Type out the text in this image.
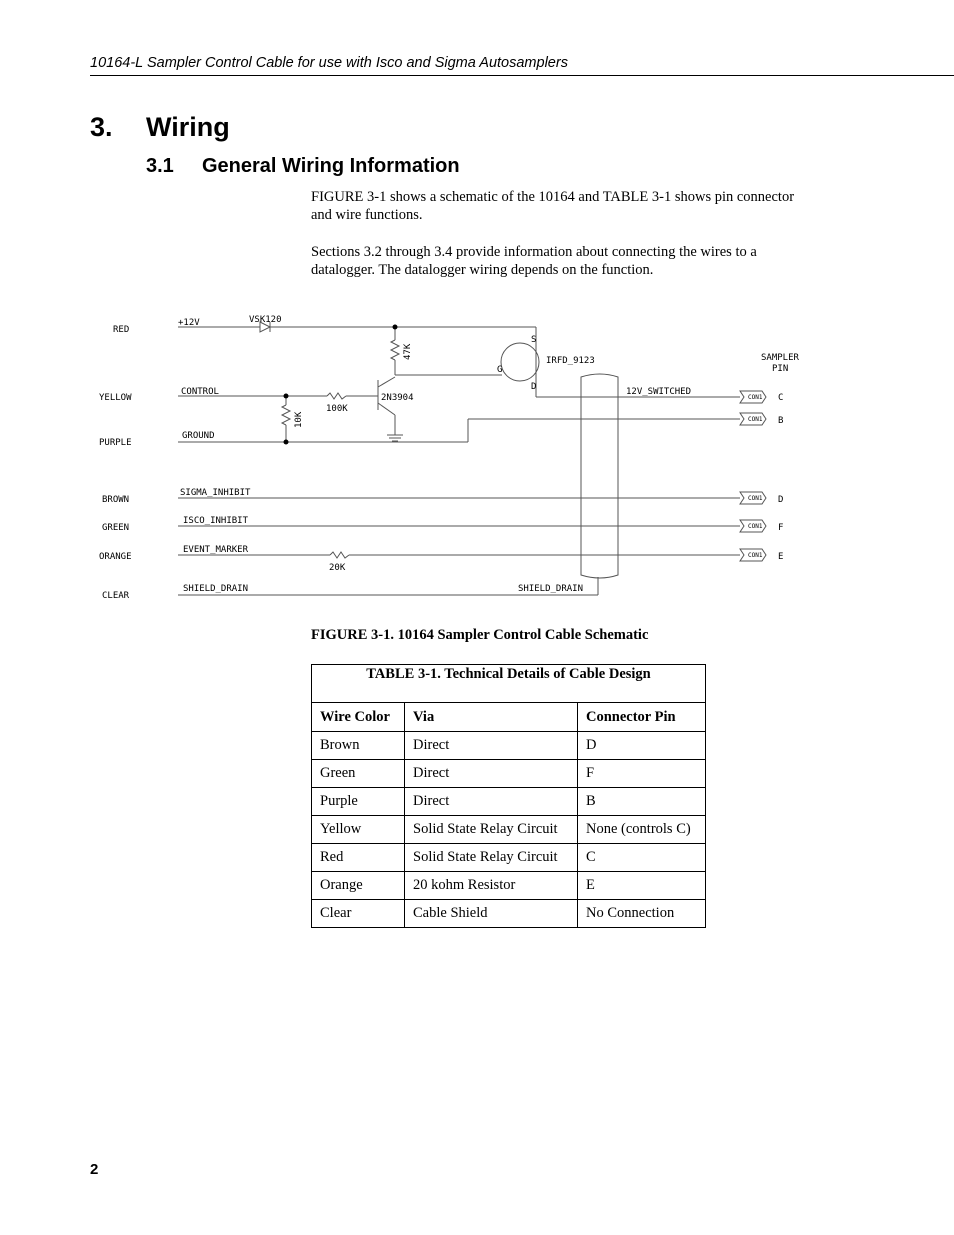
10164-L Sampler Control Cable for use with Isco and Sigma Autosamplers
3. Wiring
3.1 General Wiring Information
FIGURE 3-1 shows a schematic of the 10164 and TABLE 3-1 shows pin connector and wire functions.
Sections 3.2 through 3.4 provide information about connecting the wires to a datalogger. The datalogger wiring depends on the function.
CON1
CON1
CON1
CON1
CON1
RED
YELLOW
PURPLE
BROWN
GREEN
ORANGE
CLEAR
+12V
CONTROL
GROUND
SIGMA_INHIBIT
ISCO_INHIBIT
EVENT_MARKER
SHIELD_DRAIN	SHIELD_DRAIN
12V_SWITCHED
VSK120
47K
100K
10K
20K
2N3904
IRFD_9123
S
G
D
SAMPLER
PIN
C
B
D
F
E
FIGURE 3-1. 10164 Sampler Control Cable Schematic
TABLE 3-1. Technical Details of Cable Design		
Wire Color	Via	Connector Pin
Brown	Direct	D
Green	Direct	F
Purple	Direct	B
Yellow	Solid State Relay Circuit	None (controls C)
Red	Solid State Relay Circuit	C
Orange	20 kohm Resistor	E
Clear	Cable Shield	No Connection
2
